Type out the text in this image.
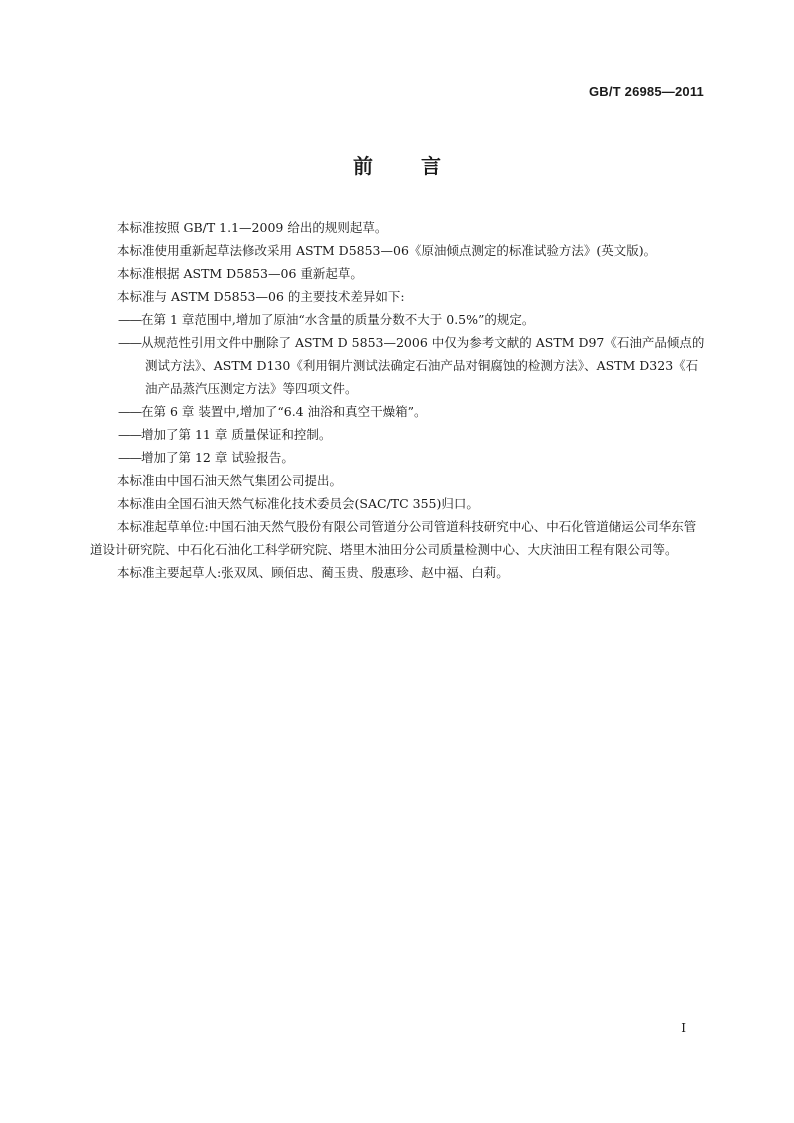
GB/T 26985—2011
前言

本标准按照 GB/T 1.1—2009 给出的规则起草。

本标准使用重新起草法修改采用 ASTM D5853—06《原油倾点测定的标准试验方法》(英文版)。

本标准根据 ASTM D5853—06 重新起草。

本标准与 ASTM D5853—06 的主要技术差异如下:

——在第 1 章范围中,增加了原油“水含量的质量分数不大于 0.5%”的规定。

——从规范性引用文件中删除了 ASTM D 5853—2006 中仅为参考文献的 ASTM D97《石油产品倾点的测试方法》、ASTM D130《利用铜片测试法确定石油产品对铜腐蚀的检测方法》、ASTM D323《石油产品蒸汽压测定方法》等四项文件。

——在第 6 章 装置中,增加了“6.4 油浴和真空干燥箱”。

——增加了第 11 章 质量保证和控制。

——增加了第 12 章 试验报告。

本标准由中国石油天然气集团公司提出。

本标准由全国石油天然气标准化技术委员会(SAC/TC 355)归口。

本标准起草单位:中国石油天然气股份有限公司管道分公司管道科技研究中心、中石化管道储运公司华东管道设计研究院、中石化石油化工科学研究院、塔里木油田分公司质量检测中心、大庆油田工程有限公司等。

本标准主要起草人:张双凤、顾佰忠、蔺玉贵、殷惠珍、赵中福、白莉。

I
